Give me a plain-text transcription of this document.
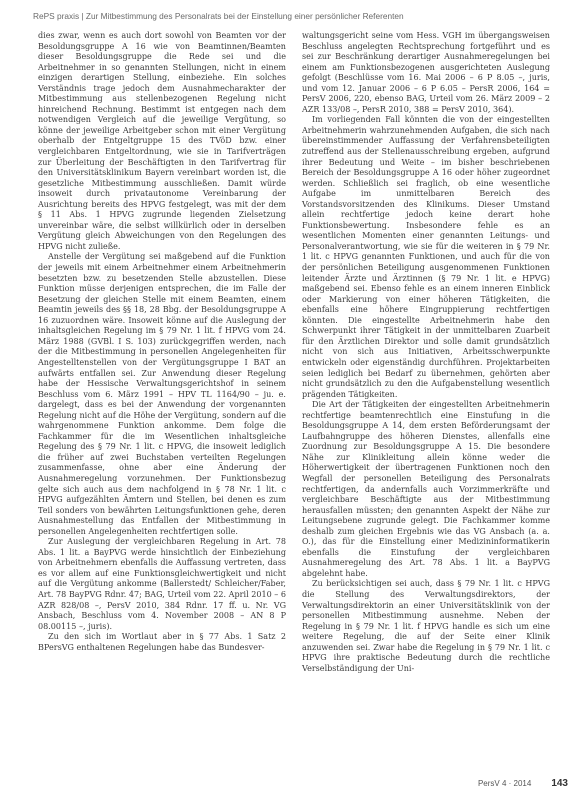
RePS praxis | Zur Mitbestimmung des Personalrats bei der Einstellung einer persönlicher Referenten

dies zwar, wenn es auch dort sowohl von Beamten vor der Besoldungsgruppe A 16 wie von Beamtinnen/Beamten dieser Besoldungsgruppe die Rede sei und die Arbeitnehmer in so genannten Stellungen, nicht in einem einzigen derartigen Stellung, einbeziehe. Ein solches Verständnis trage jedoch dem Ausnahmecharakter der Mitbestimmung aus stellenbezogenen Regelung nicht hinreichend Rechnung. Bestimmt ist entgegen nach dem notwendigen Vergleich auf die jeweilige Vergütung, so könne der jeweilige Arbeitgeber schon mit einer Vergütung oberhalb der Entgeltgruppe 15 des TVöD bzw. einer vergleichbaren Entgeltordnung, wie sie in Tarifverträgen zur Überleitung der Beschäftigten in den Tarifvertrag für den Universitätsklinikum Bayern vereinbart worden ist, die gesetzliche Mitbestimmung ausschließen. Damit würde insoweit durch privatautonome Vereinbarung der Ausrichtung bereits des HPVG festgelegt, was mit der dem § 11 Abs. 1 HPVG zugrunde liegenden Zielsetzung unvereinbar wäre, die selbst willkürlich oder in derselben Vergütung gleich Abweichungen von den Regelungen des HPVG nicht zuließe.

Anstelle der Vergütung sei maßgebend auf die Funktion der jeweils mit einem Arbeitnehmer einem Arbeitnehmerin besetzten bzw. zu besetzenden Stelle abzustellen. Diese Funktion müsse derjenigen entsprechen, die im Falle der Besetzung der gleichen Stelle mit einem Beamten, einem Beamtin jeweils des §§ 18, 28 Bbg. der Besoldungsgruppe A 16 zuzuordnen wäre. Insoweit könne auf die Auslegung der inhaltsgleichen Regelung im § 79 Nr. 1 lit. f HPVG vom 24. März 1988 (GVBl. I S. 103) zurückgegriffen werden, nach der die Mitbestimmung in personellen Angelegenheiten für Angestelltenstellen von der Vergütungsgruppe I BAT an aufwärts entfallen sei. Zur Anwendung dieser Regelung habe der Hessische Verwaltungsgerichtshof in seinem Beschluss vom 6. März 1991 – HPV TL 1164/90 – ju. e. dargelegt, dass es bei der Anwendung der vorgenannten Regelung nicht auf die Höhe der Vergütung, sondern auf die wahrgenommene Funktion ankomme. Dem folge die Fachkammer für die im Wesentlichen inhaltsgleiche Regelung des § 79 Nr. 1 lit. c HPVG, die insoweit lediglich die früher auf zwei Buchstaben verteilten Regelungen zusammenfasse, ohne aber eine Änderung der Ausnahmeregelung vorzunehmen. Der Funktionsbezug gelte sich auch aus dem nachfolgend in § 78 Nr. 1 lit. c HPVG aufgezählten Ämtern und Stellen, bei denen es zum Teil sonders von bewährten Leitungsfunktionen gehe, deren Ausnahmestellung das Entfallen der Mitbestimmung in personellen Angelegenheiten rechtfertigen solle.

Zur Auslegung der vergleichbaren Regelung in Art. 78 Abs. 1 lit. a BayPVG werde hinsichtlich der Einbeziehung von Arbeitnehmern ebenfalls die Auffassung vertreten, dass es vor allem auf eine Funktionsgleichwertigkeit und nicht auf die Vergütung ankomme (Ballerstedt/ Schleicher/Faber, Art. 78 BayPVG Rdnr. 47; BAG, Urteil vom 22. April 2010 – 6 AZR 828/08 –, PersV 2010, 384 Rdnr. 17 ff. u. Nr. VG Ansbach, Beschluss vom 4. November 2008 – AN 8 P 08.00115 –, juris).

Zu den sich im Wortlaut aber in § 77 Abs. 1 Satz 2 BPersVG enthaltenen Regelungen habe das Bundesver-

waltungsgericht seine vom Hess. VGH im übergangsweisen Beschluss angelegten Rechtsprechung fortgeführt und es sei zur Beschränkung derartiger Ausnahmeregelungen bei einem am Funktionsbezogenen ausgerichteten Auslegung gefolgt (Beschlüsse vom 16. Mai 2006 – 6 P 8.05 –, juris, und vom 12. Januar 2006 – 6 P 6.05 – PersR 2006, 164 = PersV 2006, 220, ebenso BAG, Urteil vom 26. März 2009 – 2 AZR 133/08 –, PersR 2010, 388 = PersV 2010, 364).

Im vorliegenden Fall könnten die von der eingestellten Arbeitnehmerin wahrzunehmenden Aufgaben, die sich nach übereinstimmender Auffassung der Verfahrensbeteiligten zutreffend aus der Stellenausschreibung ergeben, aufgrund ihrer Bedeutung und Weite – im bisher beschriebenen Bereich der Besoldungsgruppe A 16 oder höher zugeordnet werden. Schließlich sei fraglich, ob eine wesentliche Aufgabe im unmittelbaren Bereich des Vorstandsvorsitzenden des Klinikums. Dieser Umstand allein rechtfertige jedoch keine derart hohe Funktionsbewertung. Insbesondere fehle es an wesentlichen Momenten einer genannten Leitungs- und Personalverantwortung, wie sie für die weiteren in § 79 Nr. 1 lit. c HPVG genannten Funktionen, und auch für die von der persönlichen Beteiligung ausgenommenen Funktionen leitender Ärzte und Ärztinnen (§ 79 Nr. 1 lit. e HPVG) maßgebend sei. Ebenso fehle es an einem inneren Einblick oder Markierung von einer höheren Tätigkeiten, die ebenfalls eine höhere Eingruppierung rechtfertigen könnten. Die eingestellte Arbeitnehmerin habe den Schwerpunkt ihrer Tätigkeit in der unmittelbaren Zuarbeit für den Ärztlichen Direktor und solle damit grundsätzlich nicht von sich aus Initiativen, Arbeitsschwerpunkte entwickeln oder eigenständig durchführen. Projektarbeiten seien lediglich bei Bedarf zu übernehmen, gehörten aber nicht grundsätzlich zu den die Aufgabenstellung wesentlich prägenden Tätigkeiten.

Die Art der Tätigkeiten der eingestellten Arbeitnehmerin rechtfertige beamtenrechtlich eine Einstufung in die Besoldungsgruppe A 14, dem ersten Beförderungsamt der Laufbahngruppe des höheren Dienstes, allenfalls eine Zuordnung zur Besoldungsgruppe A 15. Die besondere Nähe zur Klinikleitung allein könne weder die Höherwertigkeit der übertragenen Funktionen noch den Wegfall der personellen Beteiligung des Personalrats rechtfertigen, da andernfalls auch Vorzimmerkräfte und vergleichbare Beschäftigte aus der Mitbestimmung herausfallen müssten; den genannten Aspekt der Nähe zur Leitungsebene zugrunde gelegt. Die Fachkammer komme deshalb zum gleichen Ergebnis wie das VG Ansbach (a. a. O.), das für die Einstellung einer Medizininformatikerin ebenfalls die Einstufung der vergleichbaren Ausnahmeregelung des Art. 78 Abs. 1 lit. a BayPVG abgelehnt habe.

Zu berücksichtigen sei auch, dass § 79 Nr. 1 lit. c HPVG die Stellung des Verwaltungsdirektors, der Verwaltungsdirektorin an einer Universitätsklinik von der personellen Mitbestimmung ausnehme. Neben der Regelung in § 79 Nr. 1 lit. f HPVG handle es sich um eine weitere Regelung, die auf der Seite einer Klinik anzuwenden sei. Zwar habe die Regelung in § 79 Nr. 1 lit. c HPVG ihre praktische Bedeutung durch die rechtliche Verselbständigung der Uni-

PersV 4 · 2014 143
